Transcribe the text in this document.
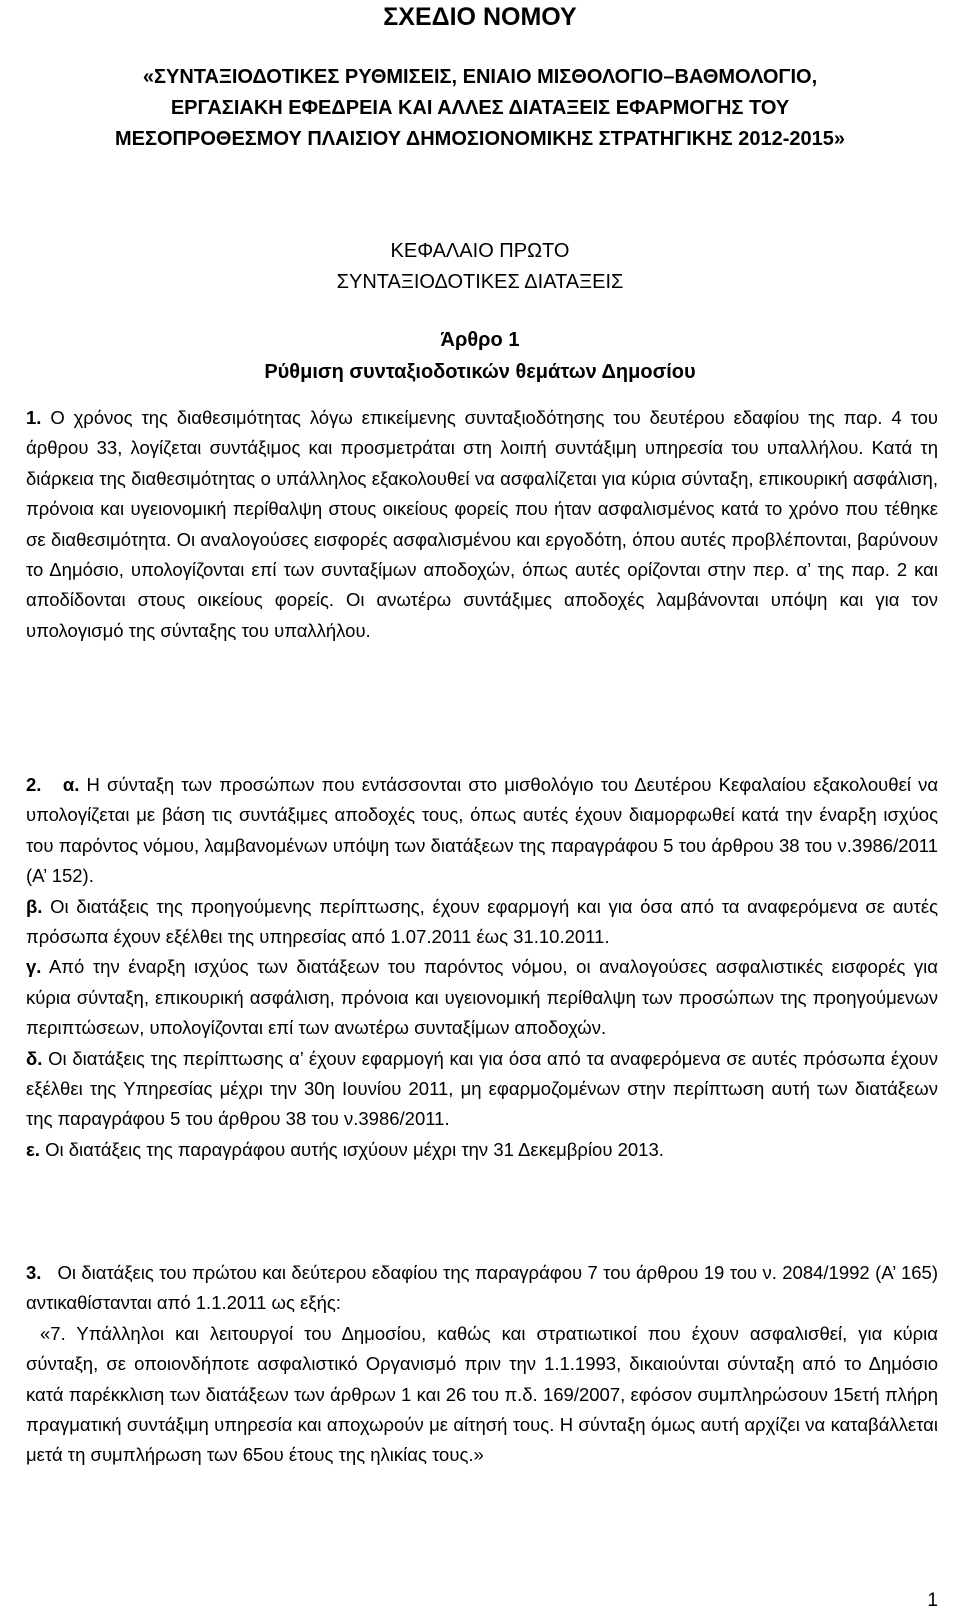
ΣΧΕΔΙΟ ΝΟΜΟΥ
«ΣΥΝΤΑΞΙΟΔΟΤΙΚΕΣ ΡΥΘΜΙΣΕΙΣ, ΕΝΙΑΙΟ ΜΙΣΘΟΛΟΓΙΟ–ΒΑΘΜΟΛΟΓΙΟ,
ΕΡΓΑΣΙΑΚΗ ΕΦΕΔΡΕΙΑ ΚΑΙ ΑΛΛΕΣ ΔΙΑΤΑΞΕΙΣ ΕΦΑΡΜΟΓΗΣ ΤΟΥ
ΜΕΣΟΠΡΟΘΕΣΜΟΥ ΠΛΑΙΣΙΟΥ ΔΗΜΟΣΙΟΝΟΜΙΚΗΣ ΣΤΡΑΤΗΓΙΚΗΣ 2012-2015»
ΚΕΦΑΛΑΙΟ ΠΡΩΤΟ
ΣΥΝΤΑΞΙΟΔΟΤΙΚΕΣ ΔΙΑΤΑΞΕΙΣ
Άρθρο 1
Ρύθμιση συνταξιοδοτικών θεμάτων Δημοσίου

1. Ο χρόνος της διαθεσιμότητας λόγω επικείμενης συνταξιοδότησης του δευτέρου εδαφίου της παρ. 4 του άρθρου 33, λογίζεται συντάξιμος και προσμετράται στη λοιπή συντάξιμη υπηρεσία του υπαλλήλου. Κατά τη διάρκεια της διαθεσιμότητας ο υπάλληλος εξακολουθεί να ασφαλίζεται για κύρια σύνταξη, επικουρική ασφάλιση, πρόνοια και υγειονομική περίθαλψη στους οικείους φορείς που ήταν ασφαλισμένος κατά το χρόνο που τέθηκε σε διαθεσιμότητα. Οι αναλογούσες εισφορές ασφαλισμένου και εργοδότη, όπου αυτές προβλέπονται, βαρύνουν το Δημόσιο, υπολογίζονται επί των συνταξίμων αποδοχών, όπως αυτές ορίζονται στην περ. α’ της παρ. 2 και αποδίδονται στους οικείους φορείς. Οι ανωτέρω συντάξιμες αποδοχές λαμβάνονται υπόψη και για τον υπολογισμό της σύνταξης του υπαλλήλου.

2. α. Η σύνταξη των προσώπων που εντάσσονται στο μισθολόγιο του Δευτέρου Κεφαλαίου εξακολουθεί να υπολογίζεται με βάση τις συντάξιμες αποδοχές τους, όπως αυτές έχουν διαμορφωθεί κατά την έναρξη ισχύος του παρόντος νόμου, λαμβανομένων υπόψη των διατάξεων της παραγράφου 5 του άρθρου 38 του ν.3986/2011 (Α’ 152).
β. Οι διατάξεις της προηγούμενης περίπτωσης, έχουν εφαρμογή και για όσα από τα αναφερόμενα σε αυτές πρόσωπα έχουν εξέλθει της υπηρεσίας από 1.07.2011 έως 31.10.2011.
γ. Από την έναρξη ισχύος των διατάξεων του παρόντος νόμου, οι αναλογούσες ασφαλιστικές εισφορές για κύρια σύνταξη, επικουρική ασφάλιση, πρόνοια και υγειονομική περίθαλψη των προσώπων της προηγούμενων περιπτώσεων, υπολογίζονται επί των ανωτέρω συνταξίμων αποδοχών.
δ. Οι διατάξεις της περίπτωσης α’ έχουν εφαρμογή και για όσα από τα αναφερόμενα σε αυτές πρόσωπα έχουν εξέλθει της Υπηρεσίας μέχρι την 30η Ιουνίου 2011, μη εφαρμοζομένων στην περίπτωση αυτή των διατάξεων της παραγράφου 5 του άρθρου 38 του ν.3986/2011.
ε. Οι διατάξεις της παραγράφου αυτής ισχύουν μέχρι την 31 Δεκεμβρίου 2013.
3. Οι διατάξεις του πρώτου και δεύτερου εδαφίου της παραγράφου 7 του άρθρου 19 του ν. 2084/1992 (Α’ 165) αντικαθίστανται από 1.1.2011 ως εξής:
«7. Υπάλληλοι και λειτουργοί του Δημοσίου, καθώς και στρατιωτικοί που έχουν ασφαλισθεί, για κύρια σύνταξη, σε οποιονδήποτε ασφαλιστικό Οργανισμό πριν την 1.1.1993, δικαιούνται σύνταξη από το Δημόσιο κατά παρέκκλιση των διατάξεων των άρθρων 1 και 26 του π.δ. 169/2007, εφόσον συμπληρώσουν 15ετή πλήρη πραγματική συντάξιμη υπηρεσία και αποχωρούν με αίτησή τους. Η σύνταξη όμως αυτή αρχίζει να καταβάλλεται μετά τη συμπλήρωση των 65ου έτους της ηλικίας τους.»
1
